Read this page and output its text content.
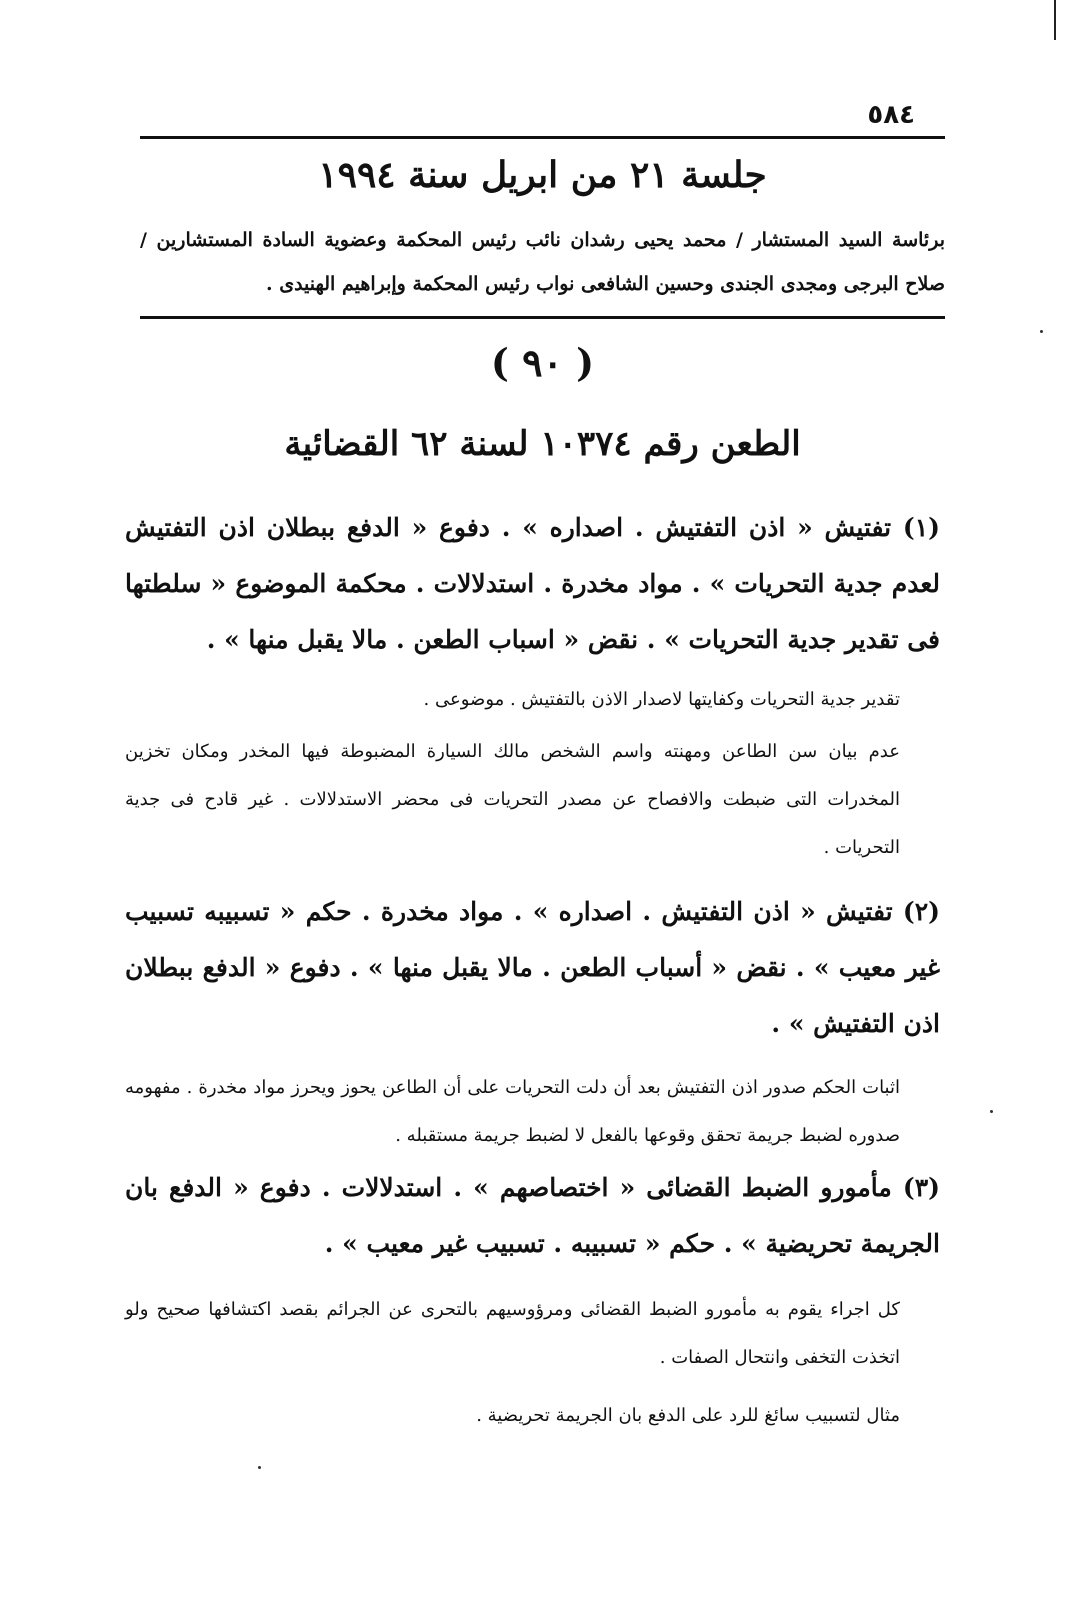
٥٨٤
جلسة ٢١ من ابريل سنة ١٩٩٤
برئاسة السيد المستشار / محمد يحيى رشدان نائب رئيس المحكمة وعضوية السادة المستشارين / صلاح البرجى ومجدى الجندى وحسين الشافعى نواب رئيس المحكمة وإبراهيم الهنيدى .
( ٩٠ )
الطعن رقم ١٠٣٧٤ لسنة ٦٢ القضائية

(١) تفتيش « اذن التفتيش . اصداره » . دفوع « الدفع ببطلان اذن التفتيش لعدم جدية التحريات » . مواد مخدرة . استدلالات . محكمة الموضوع « سلطتها فى تقدير جدية التحريات » . نقض « اسباب الطعن . مالا يقبل منها » .

تقدير جدية التحريات وكفايتها لاصدار الاذن بالتفتيش . موضوعى .

عدم بيان سن الطاعن ومهنته واسم الشخص مالك السيارة المضبوطة فيها المخدر ومكان تخزين المخدرات التى ضبطت والافصاح عن مصدر التحريات فى محضر الاستدلالات . غير قادح فى جدية التحريات .

(٢) تفتيش « اذن التفتيش . اصداره » . مواد مخدرة . حكم « تسبيبه تسبيب غير معيب » . نقض « أسباب الطعن . مالا يقبل منها » . دفوع « الدفع ببطلان اذن التفتيش » .

اثبات الحكم صدور اذن التفتيش بعد أن دلت التحريات على أن الطاعن يحوز ويحرز مواد مخدرة . مفهومه صدوره لضبط جريمة تحقق وقوعها بالفعل لا لضبط جريمة مستقبله .

(٣) مأمورو الضبط القضائى « اختصاصهم » . استدلالات . دفوع « الدفع بان الجريمة تحريضية » . حكم « تسبيبه . تسبيب غير معيب » .

كل اجراء يقوم به مأمورو الضبط القضائى ومرؤوسيهم بالتحرى عن الجرائم بقصد اكتشافها صحيح ولو اتخذت التخفى وانتحال الصفات .

مثال لتسبيب سائغ للرد على الدفع بان الجريمة تحريضية .
